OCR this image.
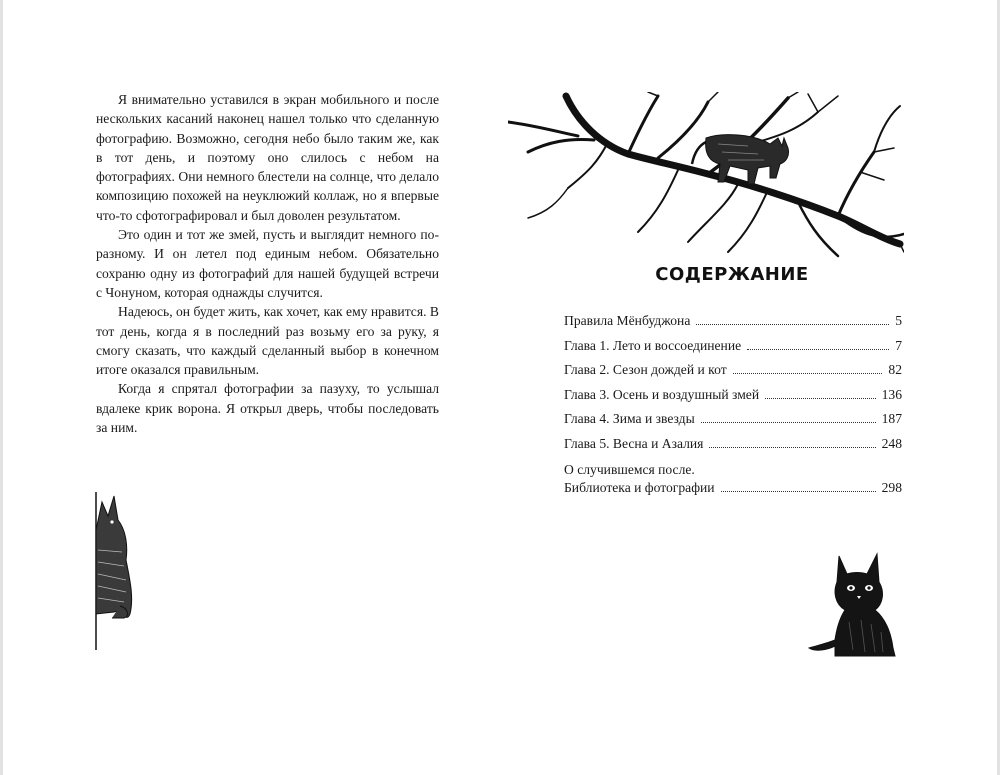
Я внимательно уставился в экран мобильного и после нескольких касаний наконец нашел только что сделанную фотографию. Возможно, сегодня небо было таким же, как в тот день, и поэтому оно слилось с небом на фотографиях. Они немного блестели на солнце, что делало композицию похожей на неуклюжий коллаж, но я впервые что-то сфотографировал и был доволен результатом.

Это один и тот же змей, пусть и выглядит немного по-разному. И он летел под единым небом. Обязательно сохраню одну из фотографий для нашей будущей встречи с Чонуном, которая однажды случится.

Надеюсь, он будет жить, как хочет, как ему нравится. В тот день, когда я в последний раз возьму его за руку, я смогу сказать, что каждый сделанный выбор в конечном итоге оказался правильным.

Когда я спрятал фотографии за пазуху, то услышал вдалеке крик ворона. Я открыл дверь, чтобы последовать за ним.

СОДЕРЖАНИЕ
Правила Мёнбуджона	5
Глава 1. Лето и воссоединение	7
Глава 2. Сезон дождей и кот	82
Глава 3. Осень и воздушный змей	136
Глава 4. Зима и звезды	187
Глава 5. Весна и Азалия	248
О случившемся после.
Библиотека и фотографии	298
